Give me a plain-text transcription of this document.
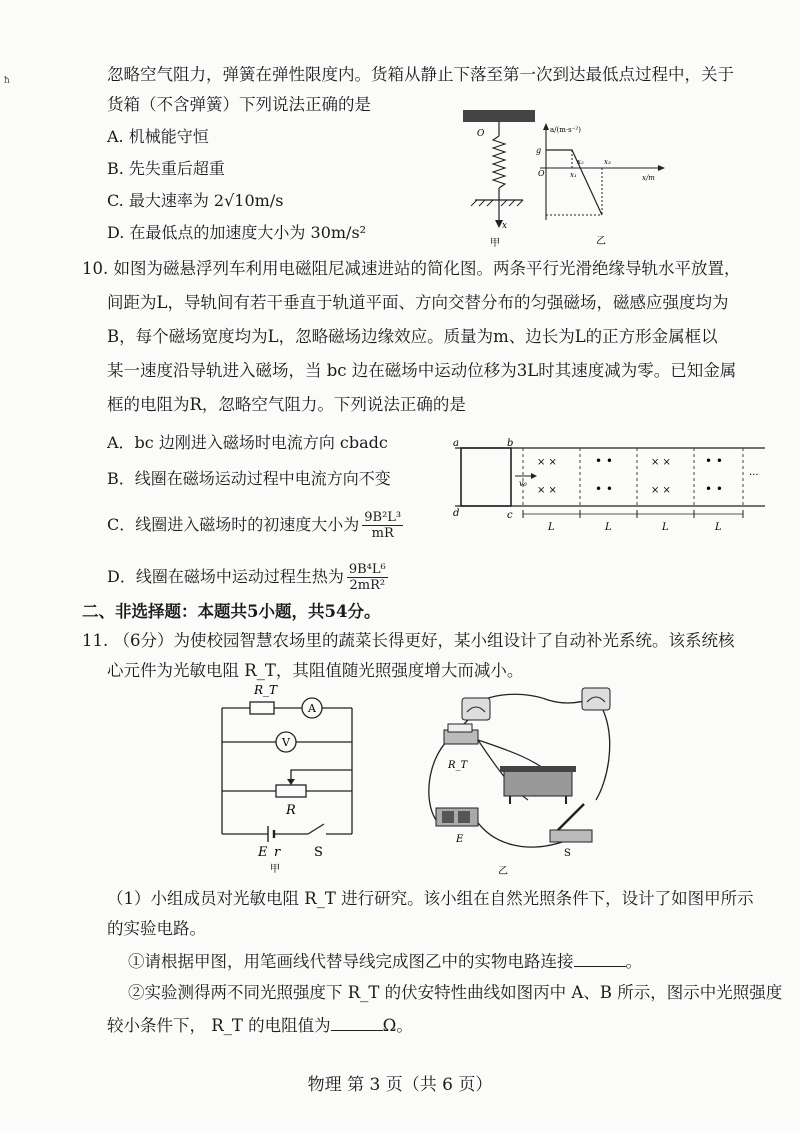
ħ	忽略空气阻力，弹簧在弹性限度内。货箱从静止下落至第一次到达最低点过程中，关于
货箱（不含弹簧）下列说法正确的是
A. 机械能守恒
B. 先失重后超重
C. 最大速率为 2√10m/s
D. 在最低点的加速度大小为 30m/s²
O
x
甲
a/(m·s⁻²)
g
O
x₂
x₁
x₃
x/m
乙
10. 如图为磁悬浮列车利用电磁阻尼减速进站的简化图。两条平行光滑绝缘导轨水平放置，
间距为L，导轨间有若干垂直于轨道平面、方向交替分布的匀强磁场，磁感应强度均为
B，每个磁场宽度均为L，忽略磁场边缘效应。质量为m、边长为L的正方形金属框以
某一速度沿导轨进入磁场，当 bc 边在磁场中运动位移为3L时其速度减为零。已知金属
框的电阻为R，忽略空气阻力。下列说法正确的是
A．bc 边刚进入磁场时电流方向 cbadc
B．线圈在磁场运动过程中电流方向不变
C．线圈进入磁场时的初速度大小为 $\frac{\text{9B²L³}}{mR}$
D．线圈在磁场中运动过程生热为 $\frac{\text{9B⁴L⁶}}{\text{2mR²}}$
× ×
× ×
• •
• •
× ×
× ×
• •
• •
···
v₀
a	b
d	c
L	L	L	L
二、非选择题：本题共5小题，共54分。
11. （6分）为使校园智慧农场里的蔬菜长得更好，某小组设计了自动补光系统。该系统核
心元件为光敏电阻 R_T，其阻值随光照强度增大而减小。
R_T
A
V
R
E r	S
甲
R_T
E
S
乙
（1）小组成员对光敏电阻 R_T 进行研究。该小组在自然光照条件下，设计了如图甲所示
的实验电路。
①请根据甲图，用笔画线代替导线完成图乙中的实物电路连接	。
②实验测得两不同光照强度下 R_T 的伏安特性曲线如图丙中 A、B 所示，图示中光照强度
较小条件下， R_T 的电阻值为	Ω。
物理 第 3 页（共 6 页）
